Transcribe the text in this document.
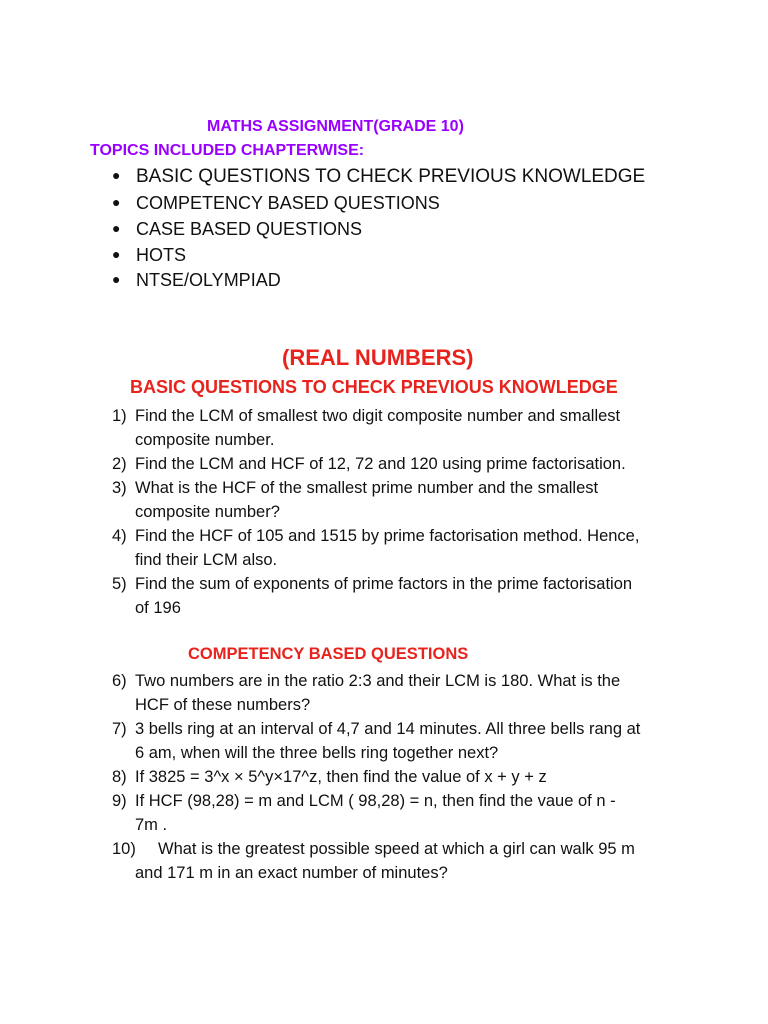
MATHS ASSIGNMENT(GRADE 10)
TOPICS INCLUDED CHAPTERWISE:
● BASIC QUESTIONS TO CHECK PREVIOUS KNOWLEDGE
● COMPETENCY BASED QUESTIONS
● CASE BASED QUESTIONS
● HOTS
● NTSE/OLYMPIAD
(REAL NUMBERS)
BASIC QUESTIONS TO CHECK PREVIOUS KNOWLEDGE
1) Find the LCM of smallest two digit composite number and smallest
composite number.
2) Find the LCM and HCF of 12, 72 and 120 using prime factorisation.
3) What is the HCF of the smallest prime number and the smallest
composite number?
4) Find the HCF of 105 and 1515 by prime factorisation method. Hence,
find their LCM also.
5) Find the sum of exponents of prime factors in the prime factorisation
of 196
COMPETENCY BASED QUESTIONS
6) Two numbers are in the ratio 2:3 and their LCM is 180. What is the
HCF of these numbers?
7) 3 bells ring at an interval of 4,7 and 14 minutes. All three bells rang at
6 am, when will the three bells ring together next?
8) If 3825 = 3^x × 5^y×17^z, then find the value of x + y + z
9) If HCF (98,28) = m and LCM ( 98,28) = n, then find the vaue of n -
7m .
10) What is the greatest possible speed at which a girl can walk 95 m
and 171 m in an exact number of minutes?
